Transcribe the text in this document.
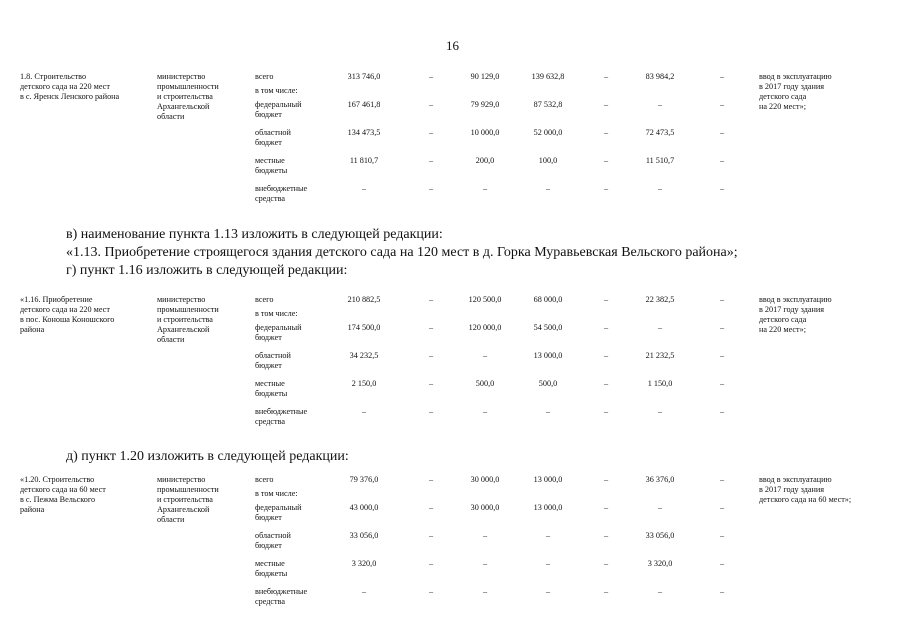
16
1.8. Строительство
детского сада на 220 мест
в с. Яренск Ленского района
министерство
промышленности
и строительства
Архангельской
области
ввод в эксплуатацию
в 2017 году здания
детского сада
на 220 мест»;
всего	313 746,0	–	90 129,0	139 632,8	–	83 984,2	–
в том числе:
федеральный
бюджет
167 461,8	–	79 929,0	87 532,8	–	–	–
областной
бюджет
134 473,5	–	10 000,0	52 000,0	–	72 473,5	–
местные
бюджеты
11 810,7	–	200,0	100,0	–	11 510,7	–
внебюджетные
средства
–	–	–	–	–	–	–
в) наименование пункта 1.13 изложить в следующей редакции:
«1.13. Приобретение строящегося здания детского сада на 120 мест в д. Горка Муравьевская Вельского района»;
г) пункт 1.16 изложить в следующей редакции:
«1.16. Приобретение
детского сада на 220 мест
в пос. Коноша Коношского
района
министерство
промышленности
и строительства
Архангельской
области
ввод в эксплуатацию
в 2017 году здания
детского сада
на 220 мест»;
всего	210 882,5	–	120 500,0	68 000,0	–	22 382,5	–
в том числе:
федеральный
бюджет
174 500,0	–	120 000,0	54 500,0	–	–	–
областной
бюджет
34 232,5	–	–	13 000,0	–	21 232,5	–
местные
бюджеты
2 150,0	–	500,0	500,0	–	1 150,0	–
внебюджетные
средства
–	–	–	–	–	–	–
д) пункт 1.20 изложить в следующей редакции:
«1.20. Строительство
детского сада на 60 мест
в с. Пежма Вельского
района
министерство
промышленности
и строительства
Архангельской
области
ввод в эксплуатацию
в 2017 году здания
детского сада на 60 мест»;
всего	79 376,0	–	30 000,0	13 000,0	–	36 376,0	–
в том числе:
федеральный
бюджет
43 000,0	–	30 000,0	13 000,0	–	–	–
областной
бюджет
33 056,0	–	–	–	–	33 056,0	–
местные
бюджеты
3 320,0	–	–	–	–	3 320,0	–
внебюджетные
средства
–	–	–	–	–	–	–
